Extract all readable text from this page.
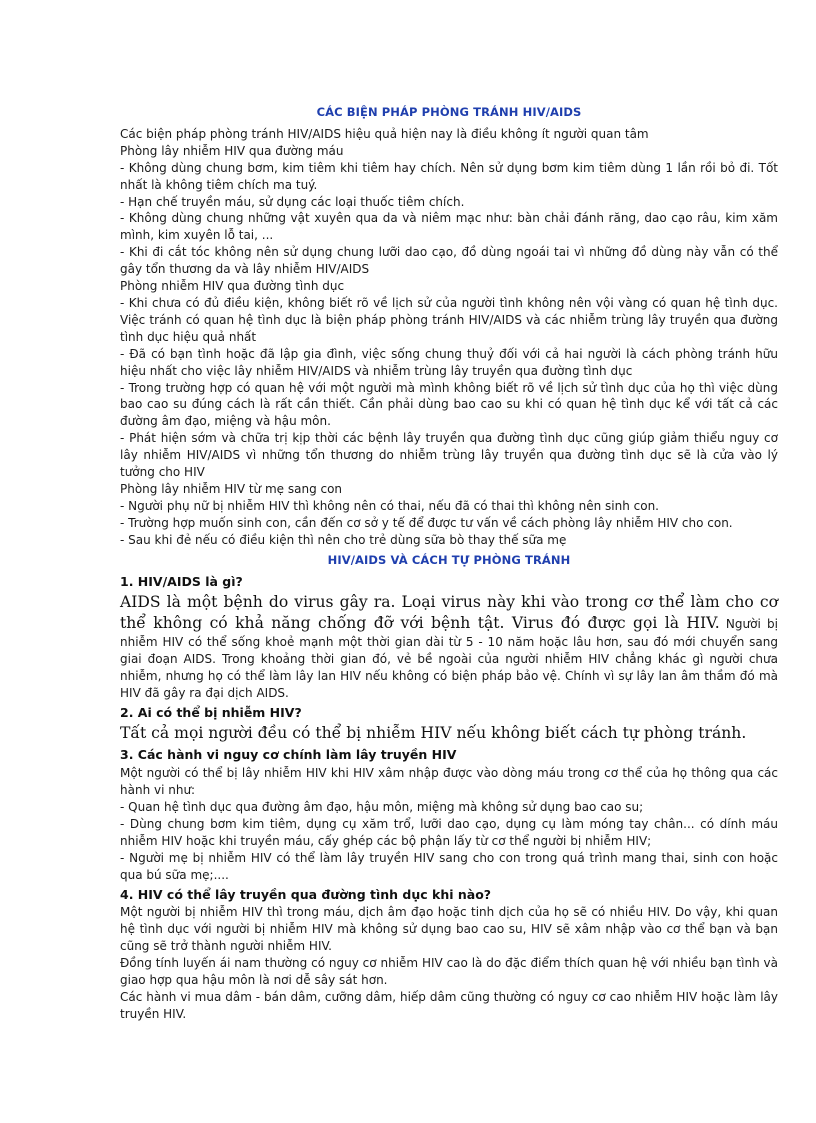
CÁC BIỆN PHÁP PHÒNG TRÁNH HIV/AIDS

Các biện pháp phòng tránh HIV/AIDS hiệu quả hiện nay là điều không ít người quan tâm

Phòng lây nhiễm HIV qua đường máu

- Không dùng chung bơm, kim tiêm khi tiêm hay chích. Nên sử dụng bơm kim tiêm dùng 1 lần rồi bỏ đi. Tốt nhất là không tiêm chích ma tuý.

- Hạn chế truyền máu, sử dụng các loại thuốc tiêm chích.

- Không dùng chung những vật xuyên qua da và niêm mạc như: bàn chải đánh răng, dao cạo râu, kim xăm mình, kim xuyên lỗ tai, ...

- Khi đi cắt tóc không nên sử dụng chung lưỡi dao cạo, đồ dùng ngoái tai vì những đồ dùng này vẫn có thể gây tổn thương da và lây nhiễm HIV/AIDS

Phòng nhiễm HIV qua đường tình dục

- Khi chưa có đủ điều kiện, không biết rõ về lịch sử của người tình không nên vội vàng có quan hệ tình dục. Việc tránh có quan hệ tình dục là biện pháp phòng tránh HIV/AIDS và các nhiễm trùng lây truyền qua đường tình dục hiệu quả nhất

- Đã có bạn tình hoặc đã lập gia đình, việc sống chung thuỷ đối với cả hai người là cách phòng tránh hữu hiệu nhất cho việc lây nhiễm HIV/AIDS và nhiễm trùng lây truyền qua đường tình dục

- Trong trường hợp có quan hệ với một người mà mình không biết rõ về lịch sử tình dục của họ thì việc dùng bao cao su đúng cách là rất cần thiết. Cần phải dùng bao cao su khi có quan hệ tình dục kể với tất cả các đường âm đạo, miệng và hậu môn.

- Phát hiện sớm và chữa trị kịp thời các bệnh lây truyền qua đường tình dục cũng giúp giảm thiểu nguy cơ lây nhiễm HIV/AIDS vì những tổn thương do nhiễm trùng lây truyền qua đường tình dục sẽ là cửa vào lý tưởng cho HIV

Phòng lây nhiễm HIV từ mẹ sang con

- Người phụ nữ bị nhiễm HIV thì không nên có thai, nếu đã có thai thì không nên sinh con.

- Trường hợp muốn sinh con, cần đến cơ sở y tế để được tư vấn về cách phòng lây nhiễm HIV cho con.

- Sau khi đẻ nếu có điều kiện thì nên cho trẻ dùng sữa bò thay thế sữa mẹ

HIV/AIDS VÀ CÁCH TỰ PHÒNG TRÁNH
1. HIV/AIDS là gì?

AIDS là một bệnh do virus gây ra. Loại virus này khi vào trong cơ thể làm cho cơ thể không có khả năng chống đỡ với bệnh tật. Virus đó được gọi là HIV. Người bị nhiễm HIV có thể sống khoẻ mạnh một thời gian dài từ 5 - 10 năm hoặc lâu hơn, sau đó mới chuyển sang giai đoạn AIDS. Trong khoảng thời gian đó, vẻ bề ngoài của người nhiễm HIV chẳng khác gì người chưa nhiễm, nhưng họ có thể làm lây lan HIV nếu không có biện pháp bảo vệ. Chính vì sự lây lan âm thầm đó mà HIV đã gây ra đại dịch AIDS.

2. Ai có thể bị nhiễm HIV?

Tất cả mọi người đều có thể bị nhiễm HIV nếu không biết cách tự phòng tránh.

3. Các hành vi nguy cơ chính làm lây truyền HIV

Một người có thể bị lây nhiễm HIV khi HIV xâm nhập được vào dòng máu trong cơ thể của họ thông qua các hành vi như:

- Quan hệ tình dục qua đường âm đạo, hậu môn, miệng mà không sử dụng bao cao su;

- Dùng chung bơm kim tiêm, dụng cụ xăm trổ, lưỡi dao cạo, dụng cụ làm móng tay chân... có dính máu nhiễm HIV hoặc khi truyền máu, cấy ghép các bộ phận lấy từ cơ thể người bị nhiễm HIV;

- Người mẹ bị nhiễm HIV có thể làm lây truyền HIV sang cho con trong quá trình mang thai, sinh con hoặc qua bú sữa mẹ;....

4. HIV có thể lây truyền qua đường tình dục khi nào?

Một người bị nhiễm HIV thì trong máu, dịch âm đạo hoặc tinh dịch của họ sẽ có nhiều HIV. Do vậy, khi quan hệ tình dục với người bị nhiễm HIV mà không sử dụng bao cao su, HIV sẽ xâm nhập vào cơ thể bạn và bạn cũng sẽ trở thành người nhiễm HIV.

Đồng tính luyến ái nam thường có nguy cơ nhiễm HIV cao là do đặc điểm thích quan hệ với nhiều bạn tình và giao hợp qua hậu môn là nơi dễ sây sát hơn.

Các hành vi mua dâm - bán dâm, cưỡng dâm, hiếp dâm cũng thường có nguy cơ cao nhiễm HIV hoặc làm lây truyền HIV.
